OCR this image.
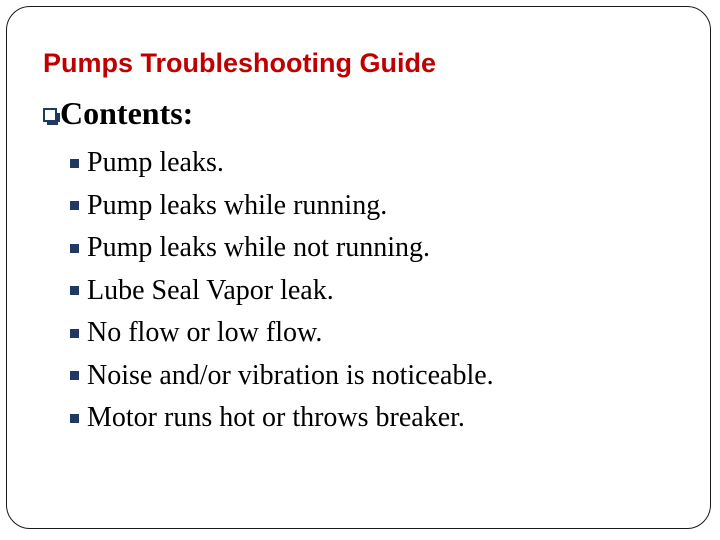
Pumps Troubleshooting Guide
Contents:
Pump leaks.
Pump leaks while running.
Pump leaks while not running.
Lube Seal Vapor leak.
No flow or low flow.
Noise and/or vibration is noticeable.
Motor runs hot or throws breaker.
